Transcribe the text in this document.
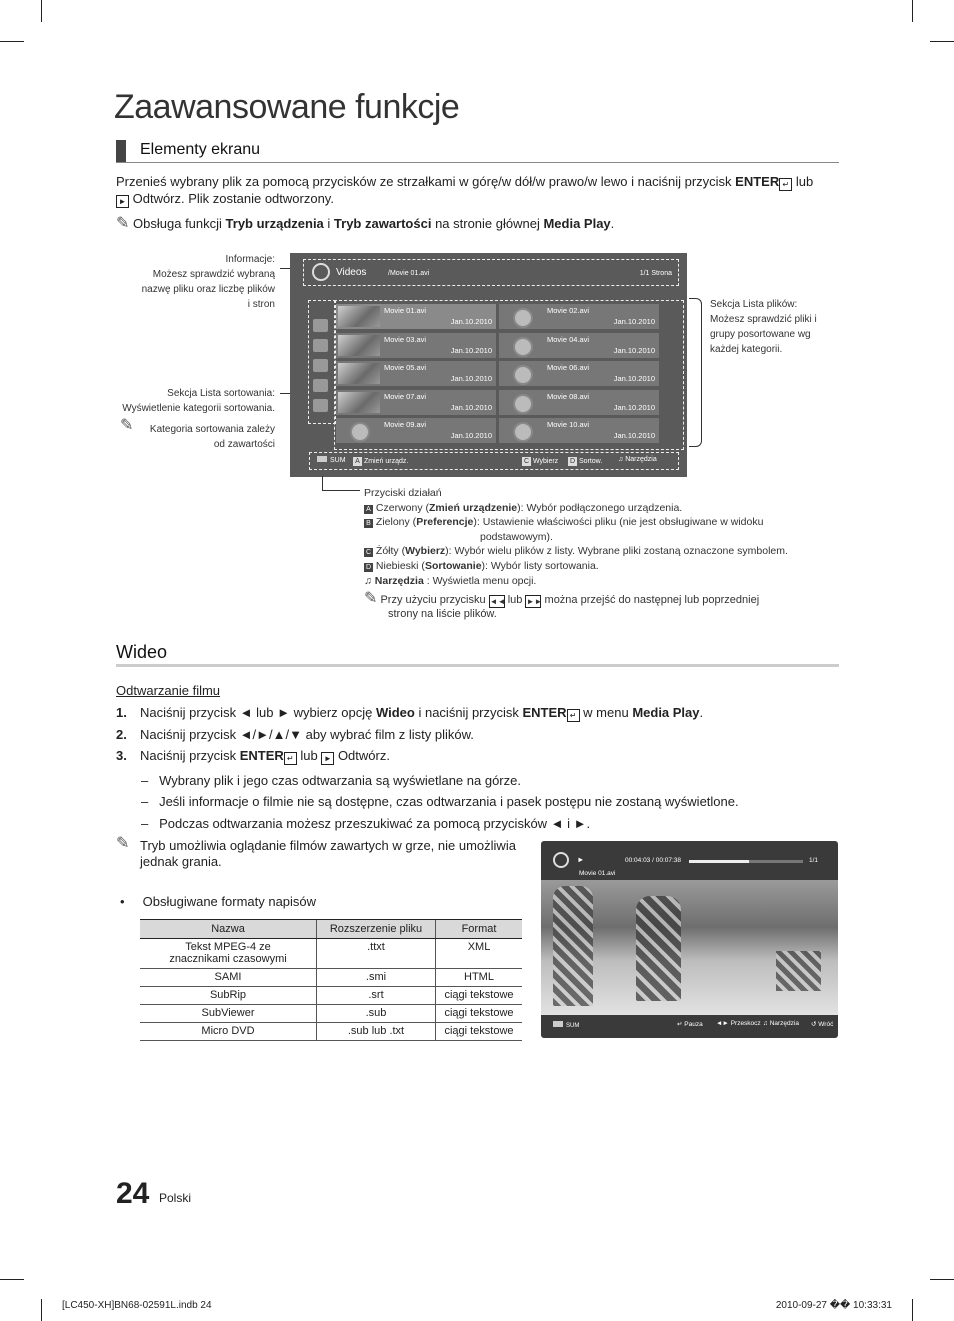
Zaawansowane funkcje
Elementy ekranu
Przenieś wybrany plik za pomocą przycisków ze strzałkami w górę/w dół/w prawo/w lewo i naciśnij przycisk ENTER ↵ lub
► Odtwórz. Plik zostanie odtworzony.
✎ Obsługa funkcji Tryb urządzenia i Tryb zawartości na stronie głównej Media Play.
Informacje:
Możesz sprawdzić wybraną
nazwę pliku oraz liczbę plików
i stron
Sekcja Lista sortowania:
Wyświetlenie kategorii sortowania.
✎ Kategoria sortowania zależy
od zawartości
Sekcja Lista plików:
Możesz sprawdzić pliki i
grupy posortowane wg
każdej kategorii.
Videos	/Movie 01.avi	1/1 Strona
Movie 01.avi
Jan.10.2010
Movie 02.avi
Jan.10.2010
Movie 03.avi
Jan.10.2010
Movie 04.avi
Jan.10.2010
Movie 05.avi
Jan.10.2010
Movie 06.avi
Jan.10.2010
Movie 07.avi
Jan.10.2010
Movie 08.avi
Jan.10.2010
Movie 09.avi
Jan.10.2010
Movie 10.avi
Jan.10.2010
SUM	A Zmień urządz.	C Wybierz D Sortow. ♫ Narzędzia
Przyciski działań
A Czerwony (Zmień urządzenie): Wybór podłączonego urządzenia.
B Zielony (Preferencje): Ustawienie właściwości pliku (nie jest obsługiwane w widoku
podstawowym).
C Żółty (Wybierz): Wybór wielu plików z listy. Wybrane pliki zostaną oznaczone symbolem.
D Niebieski (Sortowanie): Wybór listy sortowania.
♫ Narzędzia : Wyświetla menu opcji.
✎ Przy użyciu przycisku ◄◄ lub ►► można przejść do następnej lub poprzedniej
strony na liście plików.
Wideo
Odtwarzanie filmu
1. Naciśnij przycisk ◄ lub ► wybierz opcję Wideo i naciśnij przycisk ENTER ↵ w menu Media Play.
2. Naciśnij przycisk ◄/►/▲/▼ aby wybrać film z listy plików.
3. Naciśnij przycisk ENTER ↵ lub ► Odtwórz.
–   Wybrany plik i jego czas odtwarzania są wyświetlane na górze.
–   Jeśli informacje o filmie nie są dostępne, czas odtwarzania i pasek postępu nie zostaną wyświetlone.
–   Podczas odtwarzania możesz przeszukiwać za pomocą przycisków ◄ i ►.
✎ Tryb umożliwia oglądanie filmów zawartych w grze, nie umożliwia
jednak grania.
•     Obsługiwane formaty napisów
Nazwa	Rozszerzenie pliku	Format
Tekst MPEG-4 ze znacznikami czasowymi	.ttxt	XML
SAMI	.smi	HTML
SubRip	.srt	ciągi tekstowe
SubViewer	.sub	ciągi tekstowe
Micro DVD	.sub lub .txt	ciągi tekstowe
►	00:04:03 / 00:07:38	1/1
Movie 01.avi
SUM	↵ Pauza ◄► Przeskocz ♫ Narzędzia ↺ Wróć
24 Polski
[LC450-XH]BN68-02591L.indb 24	2010-09-27 �� 10:33:31
